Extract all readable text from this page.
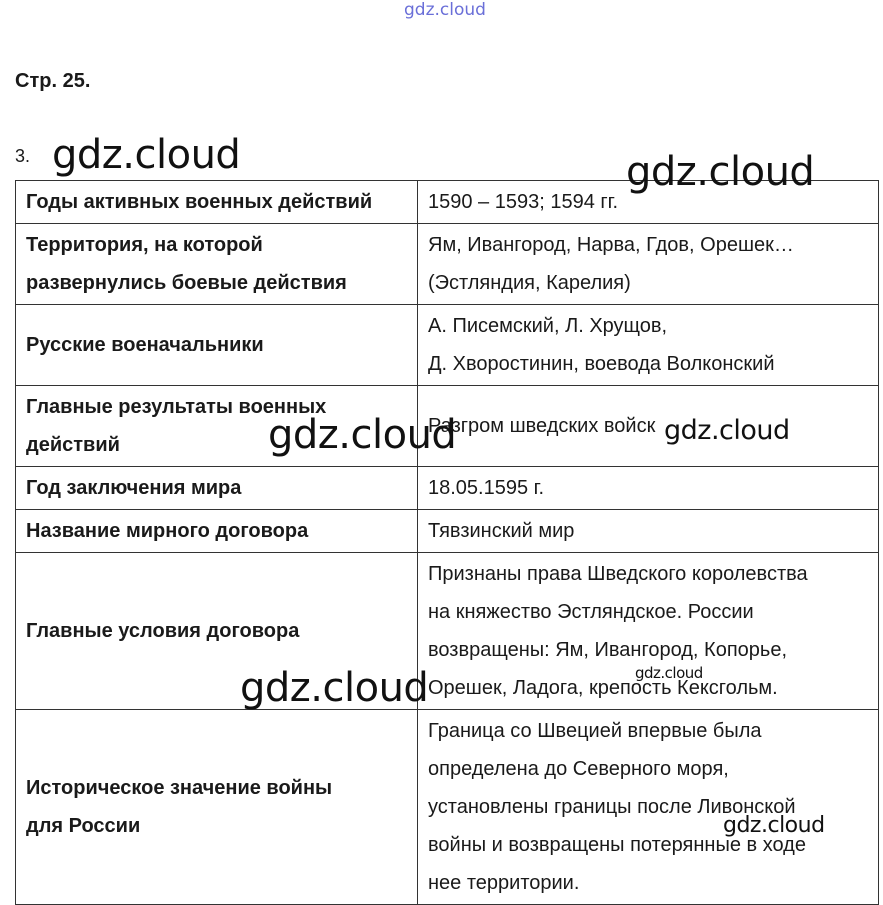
Стр. 25.
3.
Годы активных военных действий	1590 – 1593; 1594 гг.

Территория, на которой
развернулись боевые действия	Ям, Ивангород, Нарва, Гдов, Орешек…
(Эстляндия, Карелия)

Русские военачальники	А. Писемский, Л. Хрущов,
Д. Хворостинин, воевода Волконский

Главные результаты военных
действий	Разгром шведских войск

Год заключения мира	18.05.1595 г.

Название мирного договора	Тявзинский мир

Главные условия договора	Признаны права Шведского королевства
на княжество Эстляндское. России
возвращены: Ям, Ивангород, Копорье,
Орешек, Ладога, крепость Кексгольм.

Историческое значение войны
для России	Граница со Швецией впервые была
определена до Северного моря,
установлены границы после Ливонской
войны и возвращены потерянные в ходе
нее территории.
gdz.cloud
gdz.cloud	gdz.cloud
gdz.cloud	gdz.cloud
gdz.cloud	gdz.cloud
gdz.cloud
